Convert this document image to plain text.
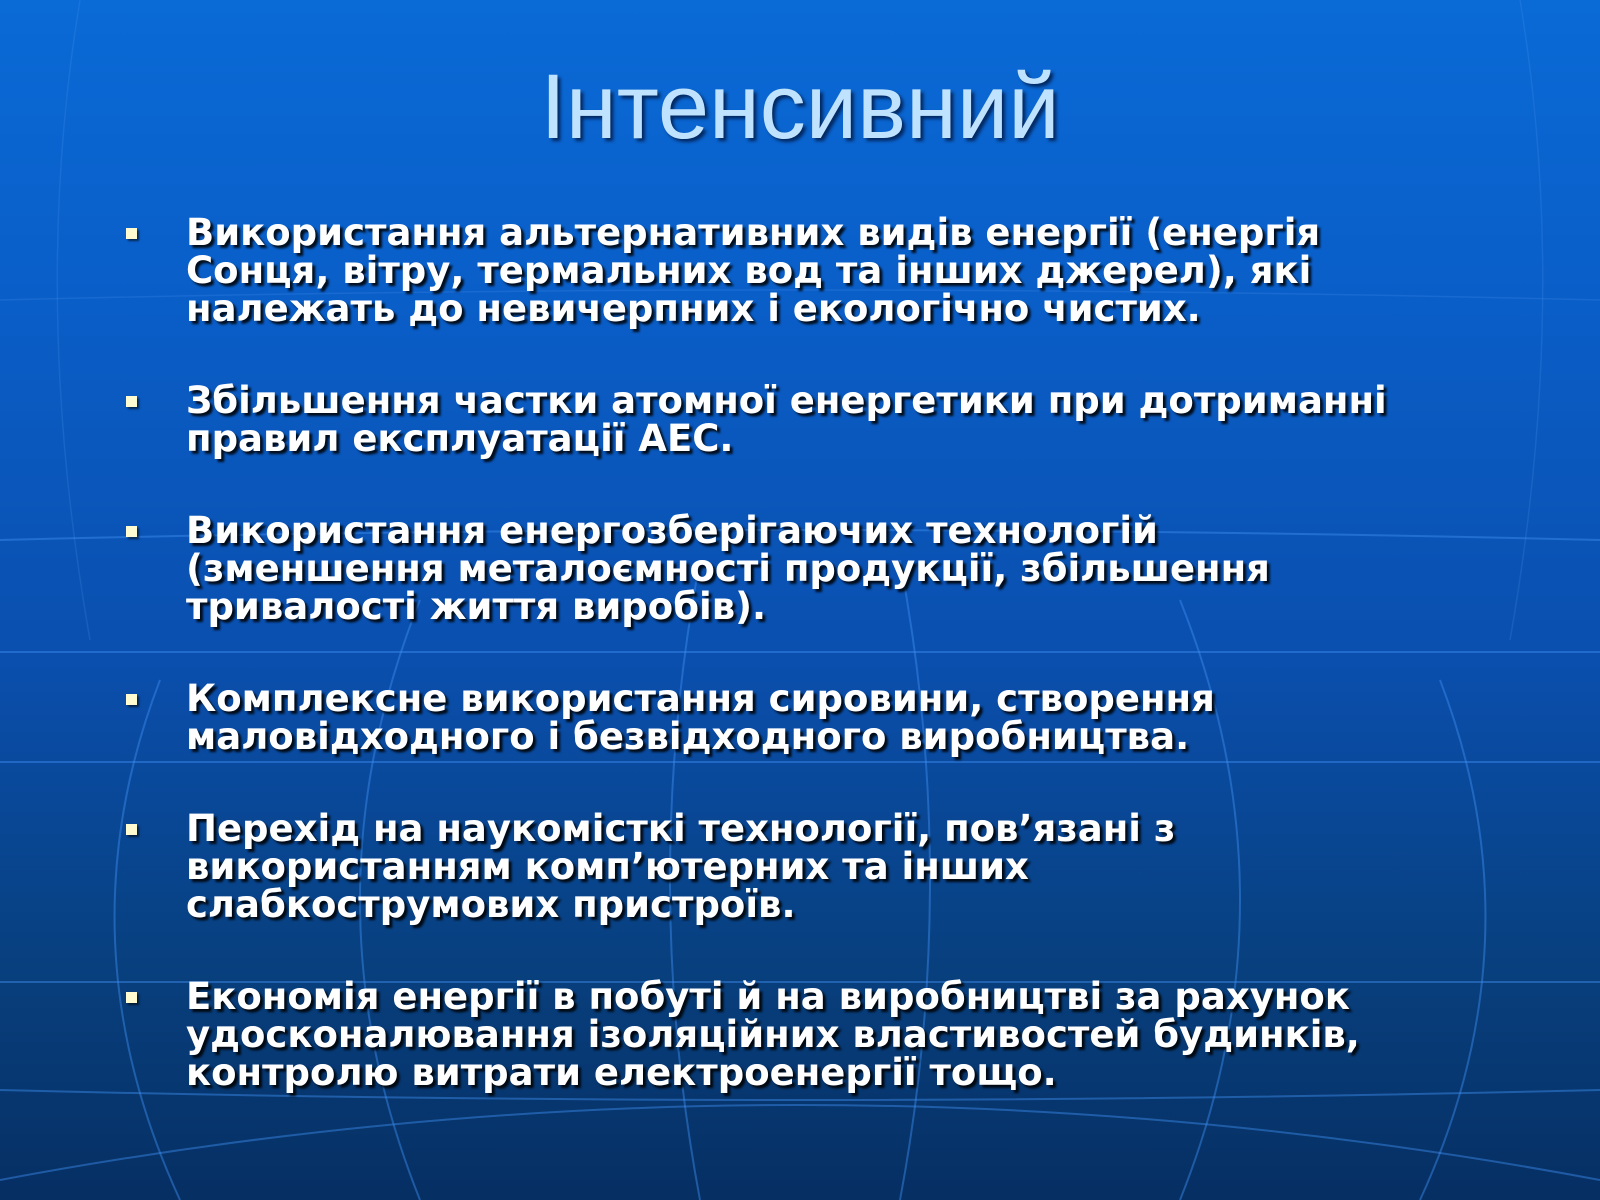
Інтенсивний
Використання альтернативних видів енергії (енергія
Сонця, вітру, термальних вод та інших джерел), які
належать до невичерпних і екологічно чистих.
Збільшення частки атомної енергетики при дотриманні
правил експлуатації АЕС.
Використання енергозберігаючих технологій
(зменшення металоємності продукції, збільшення
тривалості життя виробів).
Комплексне використання сировини, створення
маловідходного і безвідходного виробництва.
Перехід на наукомісткі технології, пов’язані з
використанням комп’ютерних та інших
слабкострумових пристроїв.
Економія енергії в побуті й на виробництві за рахунок
удосконалювання ізоляційних властивостей будинків,
контролю витрати електроенергії тощо.
